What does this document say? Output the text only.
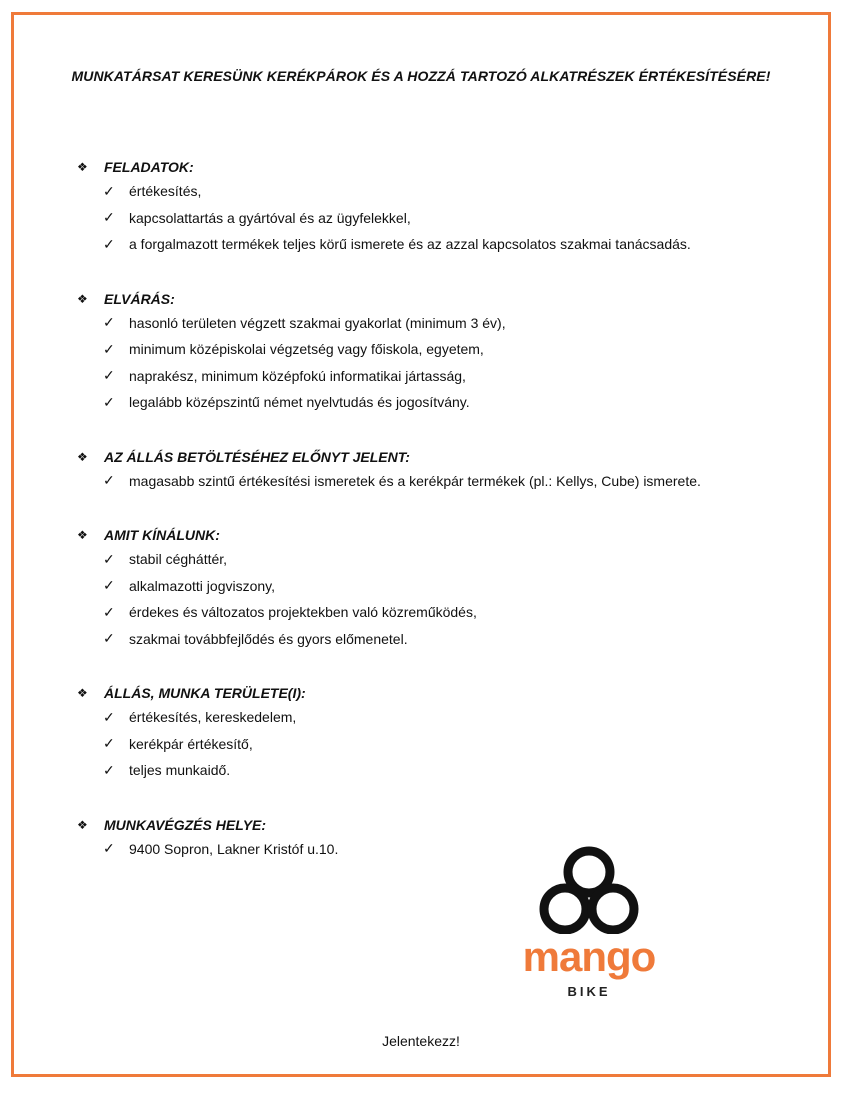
MUNKATÁRSAT KERESÜNK KERÉKPÁROK ÉS A HOZZÁ TARTOZÓ ALKATRÉSZEK ÉRTÉKESÍTÉSÉRE!
❖ FELADATOK:
✓	értékesítés,
✓	kapcsolattartás a gyártóval és az ügyfelekkel,
✓	a forgalmazott termékek teljes körű ismerete és az azzal kapcsolatos szakmai tanácsadás.
❖ ELVÁRÁS:
✓	hasonló területen végzett szakmai gyakorlat (minimum 3 év),
✓	minimum középiskolai végzetség vagy főiskola, egyetem,
✓	naprakész, minimum középfokú informatikai jártasság,
✓	legalább középszintű német nyelvtudás és jogosítvány.
❖ AZ ÁLLÁS BETÖLTÉSÉHEZ ELŐNYT JELENT:
✓	magasabb szintű értékesítési ismeretek és a kerékpár termékek (pl.: Kellys, Cube) ismerete.
❖ AMIT KÍNÁLUNK:
✓	stabil cégháttér,
✓	alkalmazotti jogviszony,
✓	érdekes és változatos projektekben való közreműködés,
✓	szakmai továbbfejlődés és gyors előmenetel.
❖ ÁLLÁS, MUNKA TERÜLETE(I):
✓	értékesítés, kereskedelem,
✓	kerékpár értékesítő,
✓	teljes munkaidő.
❖ MUNKAVÉGZÉS HELYE:
✓	9400 Sopron, Lakner Kristóf u.10.
mango
BIKE
Jelentekezz!
